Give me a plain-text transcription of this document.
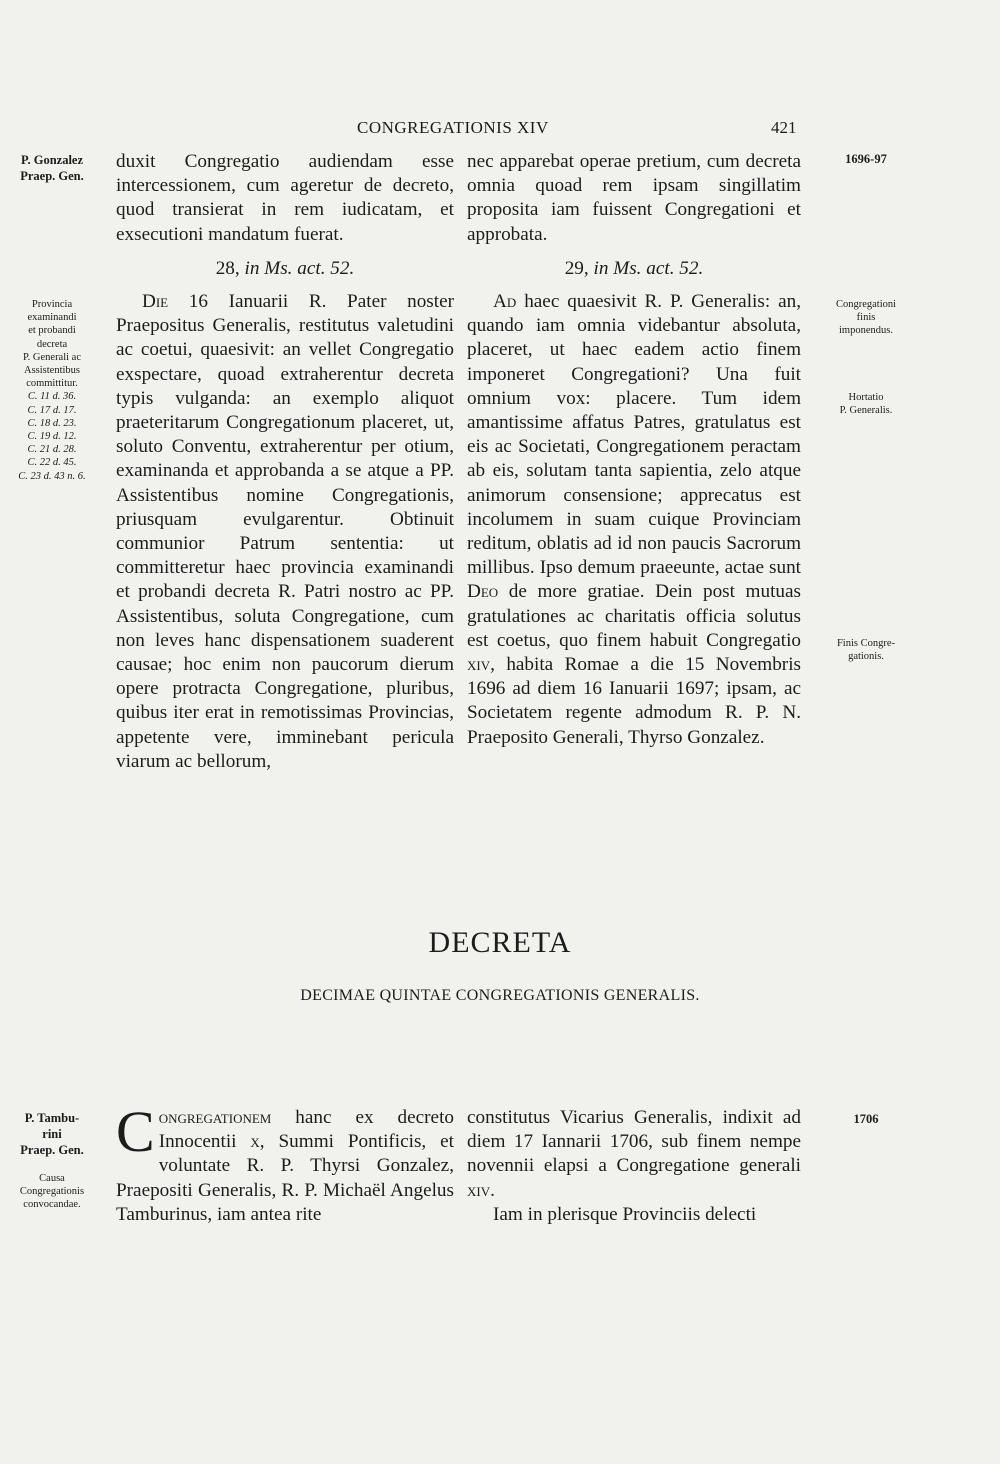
CONGREGATIONIS XIV	421

P. Gonzalez

Praep. Gen.

Provincia

examinandi

et probandi

decreta

P. Generali ac

Assistentibus

committitur.

C. 11 d. 36.

C. 17 d. 17.

C. 18 d. 23.

C. 19 d. 12.

C. 21 d. 28.

C. 22 d. 45.

C. 23 d. 43 n. 6.

P. Tambu-

rini

Praep. Gen.

Causa

Congregationis

convocandae.

1696-97

Congregationi

finis

imponendus.

Hortatio

P. Generalis.

Finis Congre-

gationis.

1706

duxit Congregatio audiendam esse intercessionem, cum ageretur de decreto, quod transierat in rem iudicatam, et exsecutioni mandatum fuerat.

28, in Ms. act. 52.

Die 16 Ianuarii R. Pater noster Praepositus Generalis, restitutus valetudini ac coetui, quaesivit: an vellet Congregatio exspectare, quoad extraherentur decreta typis vulganda: an exemplo aliquot praeteritarum Congregationum placeret, ut, soluto Conventu, extraherentur per otium, examinanda et approbanda a se atque a PP. Assistentibus nomine Congregationis, priusquam evulgarentur. Obtinuit communior Patrum sententia: ut committeretur haec provincia examinandi et probandi decreta R. Patri nostro ac PP. Assistentibus, soluta Congregatione, cum non leves hanc dispensationem suaderent causae; hoc enim non paucorum dierum opere protracta Congregatione, pluribus, quibus iter erat in remotissimas Provincias, appetente vere, imminebant pericula viarum ac bellorum,

nec apparebat operae pretium, cum decreta omnia quoad rem ipsam singillatim proposita iam fuissent Congregationi et approbata.

29, in Ms. act. 52.

Ad haec quaesivit R. P. Generalis: an, quando iam omnia videbantur absoluta, placeret, ut haec eadem actio finem imponeret Congregationi? Una fuit omnium vox: placere. Tum idem amantissime affatus Patres, gratulatus est eis ac Societati, Congregationem peractam ab eis, solutam tanta sapientia, zelo atque animorum consensione; apprecatus est incolumem in suam cuique Provinciam reditum, oblatis ad id non paucis Sacrorum millibus. Ipso demum praeeunte, actae sunt Deo de more gratiae. Dein post mutuas gratulationes ac charitatis officia solutus est coetus, quo finem habuit Congregatio xiv, habita Romae a die 15 Novembris 1696 ad diem 16 Ianuarii 1697; ipsam, ac Societatem regente admodum R. P. N. Praeposito Generali, Thyrso Gonzalez.

DECRETA
DECIMAE QUINTAE CONGREGATIONIS GENERALIS.

Congregationem hanc ex decreto Innocentii x, Summi Pontificis, et voluntate R. P. Thyrsi Gonzalez, Praepositi Generalis, R. P. Michaël Angelus Tamburinus, iam antea rite

constitutus Vicarius Generalis, indixit ad diem 17 Iannarii 1706, sub finem nempe novennii elapsi a Congregatione generali xiv.

Iam in plerisque Provinciis delecti
